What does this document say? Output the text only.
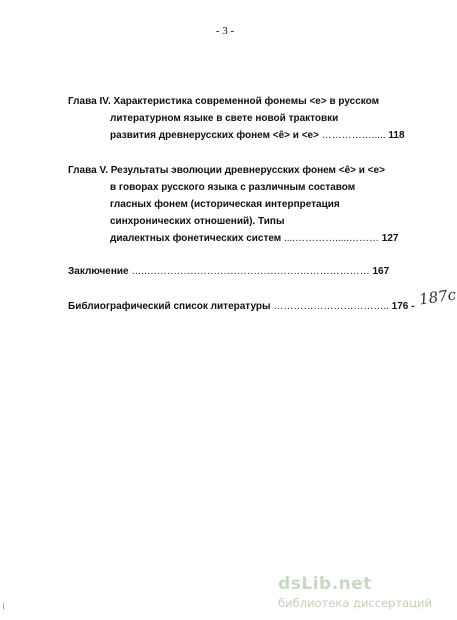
- 3 -
Глава IV. Характеристика современной фонемы <е> в русском
литературном языке в свете новой трактовки
развития древнерусских фонем <ê> и <е> ……………..... 118
Глава V. Результаты эволюции древнерусских фонем <ê> и <е>
в говорах русского языка с различным составом
гласных фонем (историческая интерпретация
синхронических отношений). Типы
диалектных фонетических систем ....………….....……… 127
Заключение …..……………………………………….………………… 167
Библиографический список литературы …………………………….. 176 - 187с
dsLib.net
библиотека диссертаций
